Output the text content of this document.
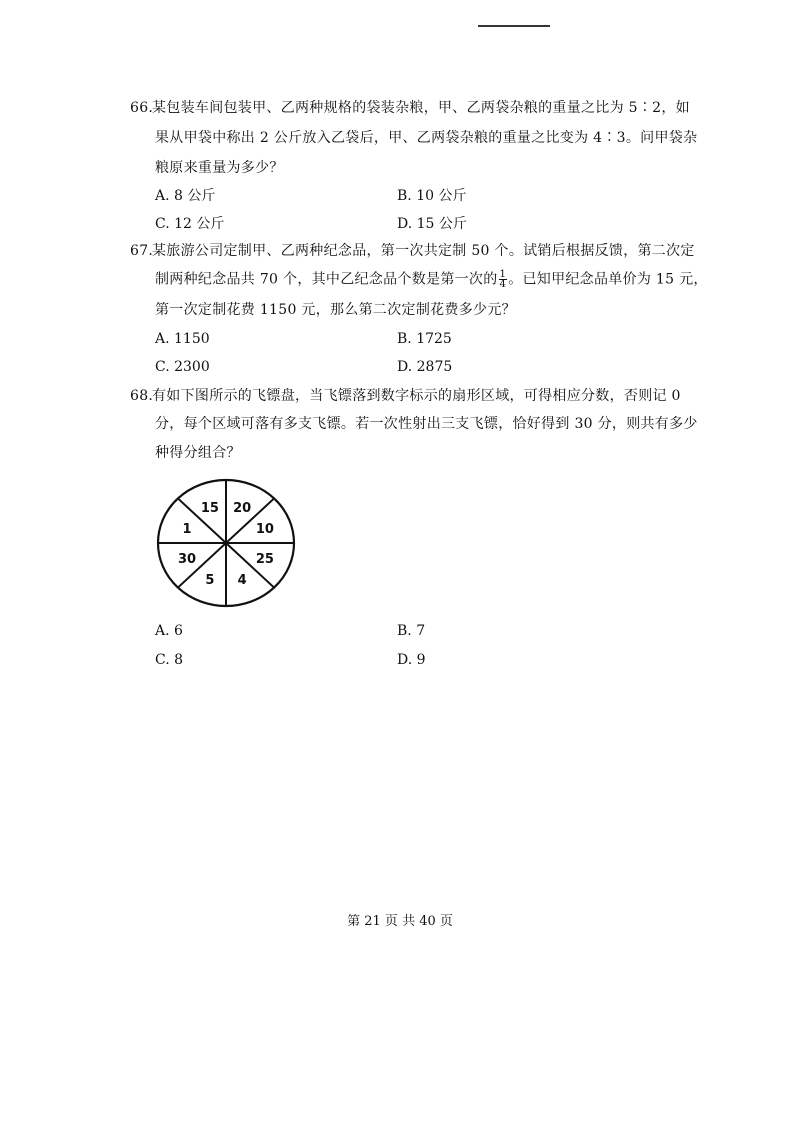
66.某包装车间包装甲、乙两种规格的袋装杂粮，甲、乙两袋杂粮的重量之比为 5∶2，如
果从甲袋中称出 2 公斤放入乙袋后，甲、乙两袋杂粮的重量之比变为 4∶3。问甲袋杂
粮原来重量为多少？
A. 8 公斤	B. 10 公斤
C. 12 公斤	D. 15 公斤
67.某旅游公司定制甲、乙两种纪念品，第一次共定制 50 个。试销后根据反馈，第二次定
制两种纪念品共 70 个，其中乙纪念品个数是第一次的 $\frac{1}{4}$ 。已知甲纪念品单价为 15 元，
第一次定制花费 1150 元，那么第二次定制花费多少元？
A. 1150	B. 1725
C. 2300	D. 2875
68.有如下图所示的飞镖盘，当飞镖落到数字标示的扇形区域，可得相应分数，否则记 0
分，每个区域可落有多支飞镖。若一次性射出三支飞镖，恰好得到 30 分，则共有多少
种得分组合？
15 20
10
25
4
5
30
1
A. 6	B. 7
C. 8	D. 9
第 21 页 共 40 页
